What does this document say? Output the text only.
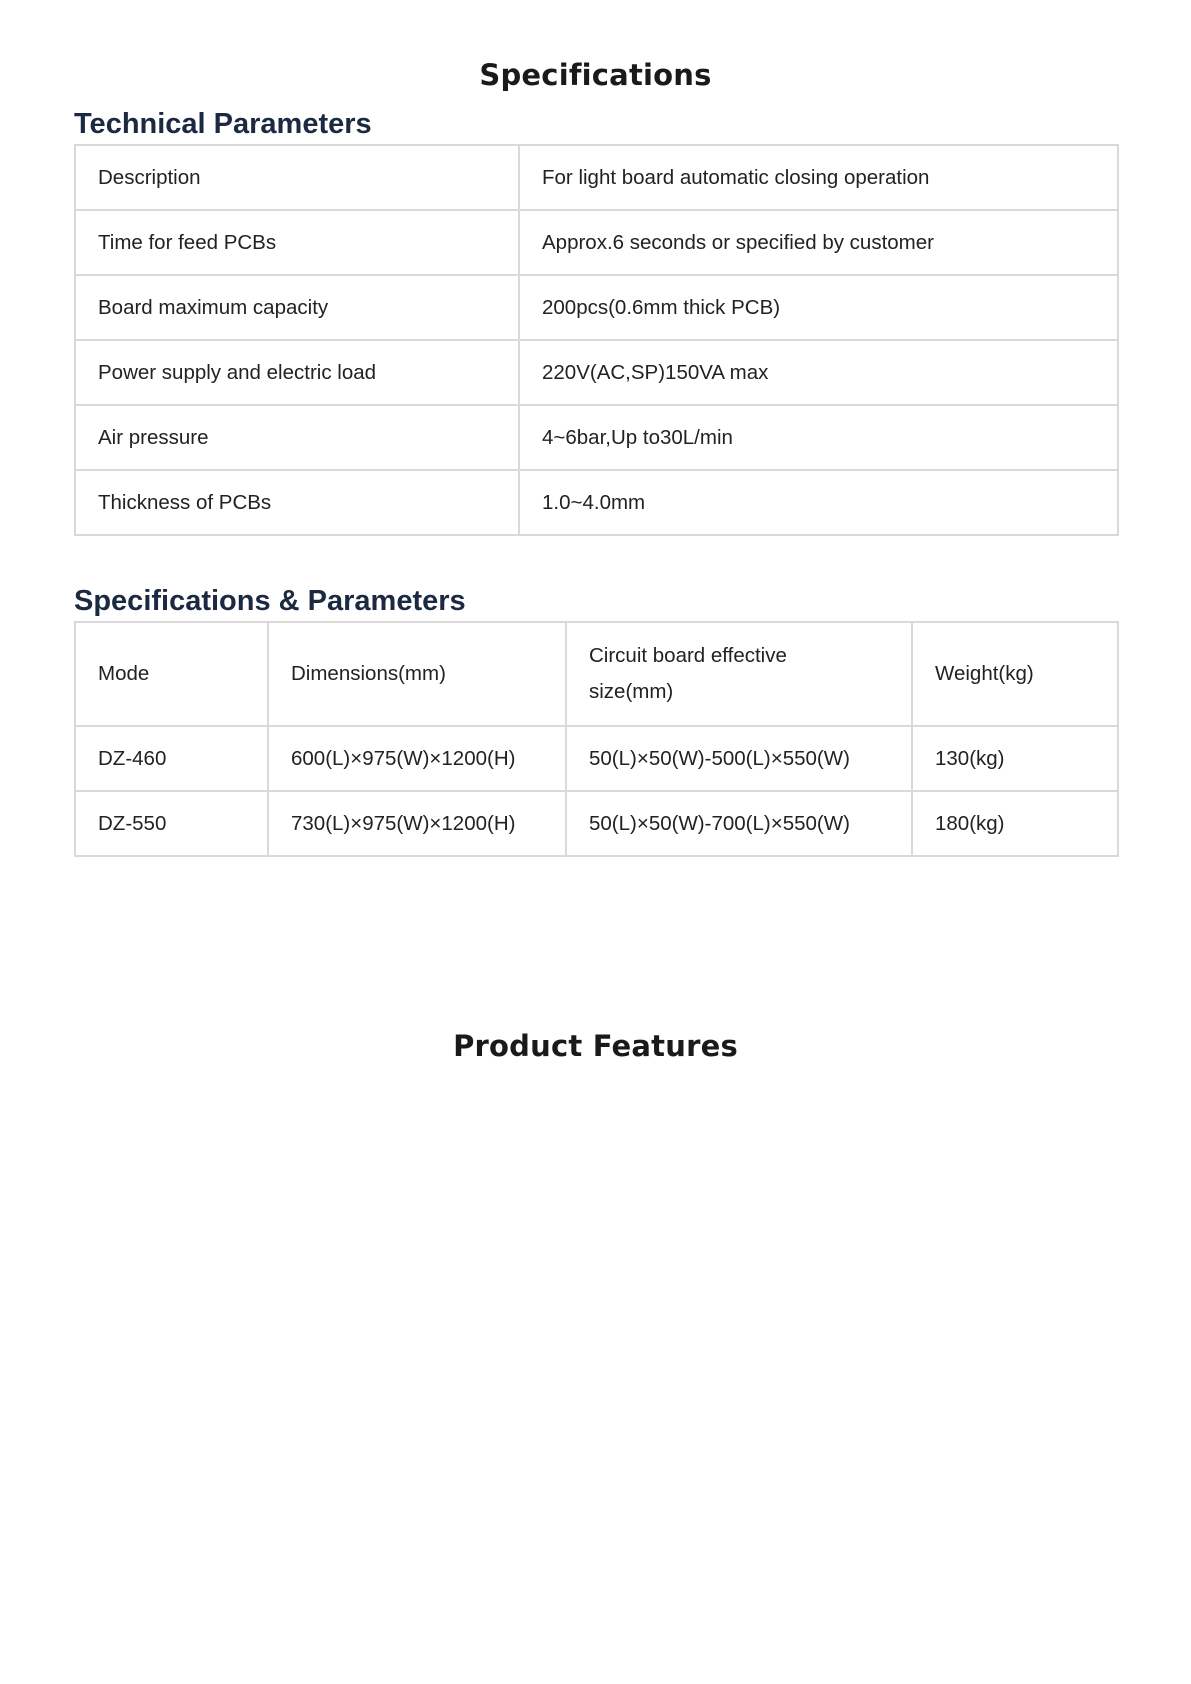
Specifications
Technical Parameters
Description	For light board automatic closing operation
Time for feed PCBs	Approx.6 seconds or specified by customer
Board maximum capacity	200pcs(0.6mm thick PCB)
Power supply and electric load	220V(AC,SP)150VA max
Air pressure	4~6bar,Up to30L/min
Thickness of PCBs	1.0~4.0mm
Specifications & Parameters
Mode	Dimensions(mm)	Circuit board effective size(mm)	Weight(kg)
DZ-460	600(L)×975(W)×1200(H)	50(L)×50(W)-500(L)×550(W)	130(kg)
DZ-550	730(L)×975(W)×1200(H)	50(L)×50(W)-700(L)×550(W)	180(kg)
Product Features
